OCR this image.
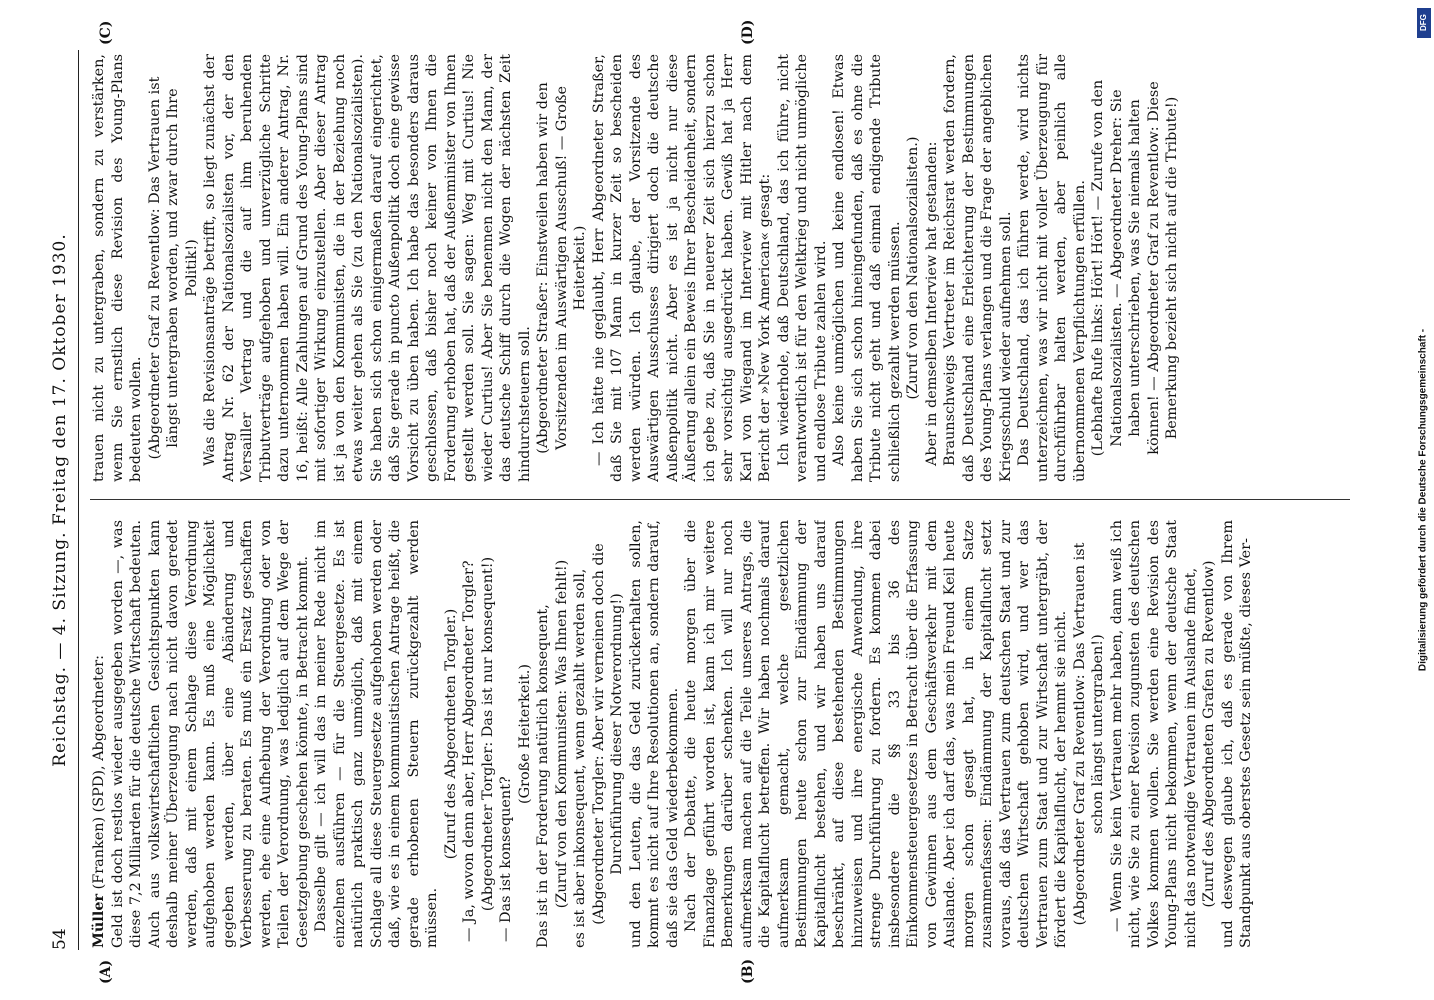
54
Reichstag. — 4. Sitzung. Freitag den 17. Oktober 1930.
(A)	(B)
(C)	(D)

Müller (Franken) (SPD), Abgeordneter: Geld ist doch restlos wieder ausgegeben worden —, was diese 7,2 Milliarden für die deutsche Wirtschaft bedeuten. Auch aus volkswirtschaftlichen Gesichtspunkten kann deshalb meiner Überzeugung nach nicht davon geredet werden, daß mit einem Schlage diese Verordnung aufgehoben werden kann. Es muß eine Möglichkeit gegeben werden, über eine Abänderung und Verbesserung zu beraten. Es muß ein Ersatz geschaffen werden, ehe eine Aufhebung der Verordnung oder von Teilen der Verordnung, was lediglich auf dem Wege der Gesetzgebung geschehen könnte, in Betracht kommt. Dasselbe gilt — ich will das in meiner Rede nicht im einzelnen ausführen — für die Steuergesetze. Es ist natürlich praktisch ganz unmöglich, daß mit einem Schlage all diese Steuergesetze aufgehoben werden oder daß, wie es in einem kommunistischen Antrage heißt, die gerade erhobenen Steuern zurückgezahlt werden müssen.

(Zuruf des Abgeordneten Torgler.) — Ja, wovon denn aber, Herr Abgeordneter Torgler? (Abgeordneter Torgler: Das ist nur konsequent!) — Das ist konsequent?

(Große Heiterkeit.) Das ist in der Forderung natürlich konsequent, (Zuruf von den Kommunisten: Was Ihnen fehlt!) es ist aber inkonsequent, wenn gezahlt werden soll, (Abgeordneter Torgler: Aber wir verneinen doch die Durchführung dieser Notverordnung!) und den Leuten, die das Geld zurückerhalten sollen, kommt es nicht auf Ihre Resolutionen an, sondern darauf, daß sie das Geld wiederbekommen. Nach der Debatte, die heute morgen über die Finanzlage geführt worden ist, kann ich mir weitere Bemerkungen darüber schenken. Ich will nur noch aufmerksam machen auf die Teile unseres Antrags, die die Kapitalflucht betreffen. Wir haben nochmals darauf aufmerksam gemacht, welche gesetzlichen Bestimmungen heute schon zur Eindämmung der Kapitalflucht bestehen, und wir haben uns darauf beschränkt, auf diese bestehenden Bestimmungen hinzuweisen und ihre energische Anwendung, ihre strenge Durchführung zu fordern. Es kommen dabei insbesondere die §§ 33 bis 36 des Einkommensteuergesetzes in Betracht über die Erfassung von Gewinnen aus dem Geschäftsverkehr mit dem Auslande. Aber ich darf das, was mein Freund Keil heute morgen schon gesagt hat, in einem Satze zusammenfassen: Eindämmung der Kapitalflucht setzt voraus, daß das Vertrauen zum deutschen Staat und zur deutschen Wirtschaft gehoben wird, und wer das Vertrauen zum Staat und zur Wirtschaft untergräbt, der fördert die Kapitalflucht, der hemmt sie nicht. (Abgeordneter Graf zu Reventlow: Das Vertrauen ist schon längst untergraben!) — Wenn Sie kein Vertrauen mehr haben, dann weiß ich nicht, wie Sie zu einer Revision zugunsten des deutschen Volkes kommen wollen. Sie werden eine Revision des Young-Plans nicht bekommen, wenn der deutsche Staat nicht das notwendige Vertrauen im Auslande findet, (Zuruf des Abgeordneten Grafen zu Reventlow) und deswegen glaube ich, daß es gerade von Ihrem Standpunkt aus oberstes Gesetz sein müßte, dieses Ver-

trauen nicht zu untergraben, sondern zu verstärken, wenn Sie ernstlich diese Revision des Young-Plans bedeuten wollen. (Abgeordneter Graf zu Reventlow: Das Vertrauen ist längst untergraben worden, und zwar durch Ihre Politik!) Was die Revisionsanträge betrifft, so liegt zunächst der Antrag Nr. 62 der Nationalsozialisten vor, der den Versailler Vertrag und die auf ihm beruhenden Tributverträge aufgehoben und unverzügliche Schritte dazu unternommen haben will. Ein anderer Antrag, Nr. 16, heißt: Alle Zahlungen auf Grund des Young-Plans sind mit sofortiger Wirkung einzustellen. Aber dieser Antrag ist ja von den Kommunisten, die in der Beziehung noch etwas weiter gehen als Sie (zu den Nationalsozialisten). Sie haben sich schon einigermaßen darauf eingerichtet, daß Sie gerade in puncto Außenpolitik doch eine gewisse Vorsicht zu üben haben. Ich habe das besonders daraus geschlossen, daß bisher noch keiner von Ihnen die Forderung erhoben hat, daß der Außenminister von Ihnen gestellt werden soll. Sie sagen: Weg mit Curtius! Nie wieder Curtius! Aber Sie benennen nicht den Mann, der das deutsche Schiff durch die Wogen der nächsten Zeit hindurchsteuern soll. (Abgeordneter Straßer: Einstweilen haben wir den Vorsitzenden im Auswärtigen Ausschuß! — Große Heiterkeit.) — Ich hätte nie geglaubt, Herr Abgeordneter Straßer, daß Sie mit 107 Mann in kurzer Zeit so bescheiden werden würden. Ich glaube, der Vorsitzende des Auswärtigen Ausschusses dirigiert doch die deutsche Außenpolitik nicht. Aber es ist ja nicht nur diese Äußerung allein ein Beweis Ihrer Bescheidenheit, sondern ich gebe zu, daß Sie in neuerer Zeit sich hierzu schon sehr vorsichtig ausgedrückt haben. Gewiß hat ja Herr Karl von Wiegand im Interview mit Hitler nach dem Bericht der »New York American« gesagt: Ich wiederhole, daß Deutschland, das ich führe, nicht verantwortlich ist für den Weltkrieg und nicht unmögliche und endlose Tribute zahlen wird. Also keine unmöglichen und keine endlosen! Etwas haben Sie sich schon hineingefunden, daß es ohne die Tribute nicht geht und daß einmal endigende Tribute schließlich gezahlt werden müssen. (Zuruf von den Nationalsozialisten.) Aber in demselben Interview hat gestanden: Braunschweigs Vertreter im Reichsrat werden fordern, daß Deutschland eine Erleichterung der Bestimmungen des Young-Plans verlangen und die Frage der angeblichen Kriegsschuld wieder aufnehmen soll. Das Deutschland, das ich führen werde, wird nichts unterzeichnen, was wir nicht mit voller Überzeugung für durchführbar halten werden, aber peinlich alle übernommenen Verpflichtungen erfüllen. (Lebhafte Rufe links: Hört! Hört! — Zurufe von den Nationalsozialisten. — Abgeordneter Dreher: Sie haben unterschrieben, was Sie niemals halten können! — Abgeordneter Graf zu Reventlow: Diese Bemerkung bezieht sich nicht auf die Tribute!)

DFG
Digitalisierung gefördert durch die Deutsche Forschungsgemeinschaft -
